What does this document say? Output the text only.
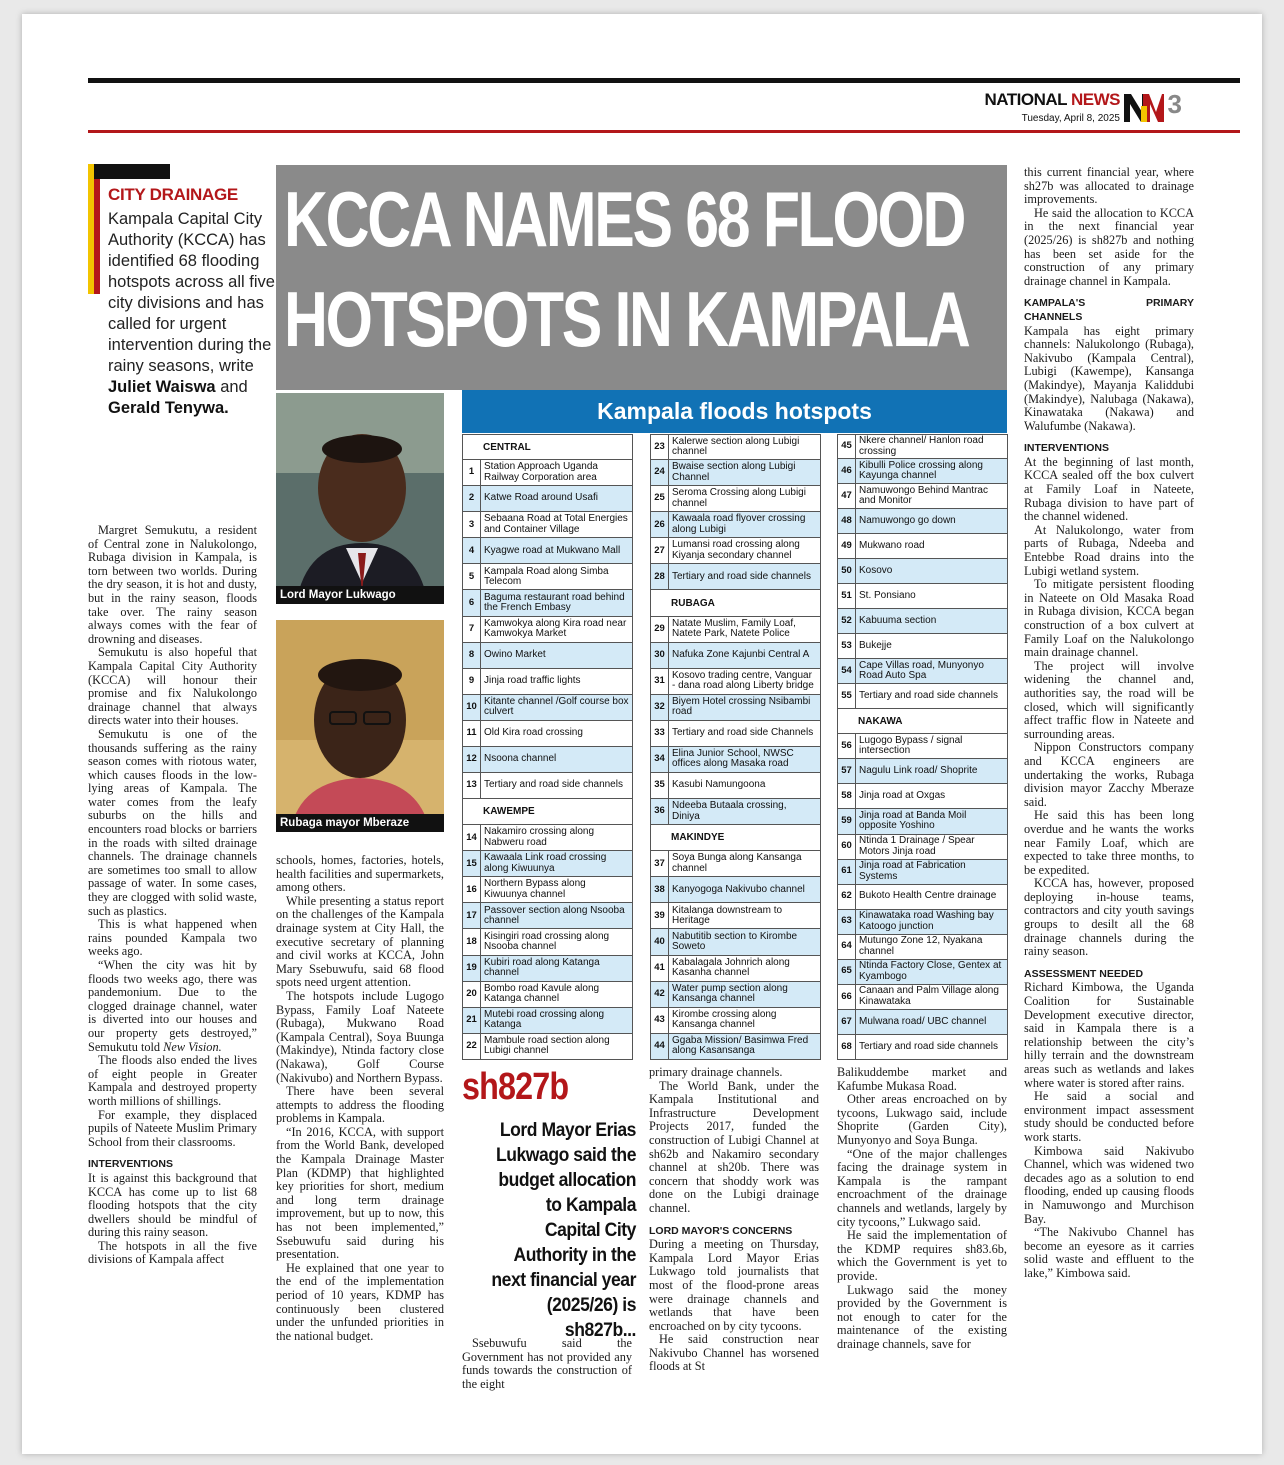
NATIONAL NEWS
Tuesday, April 8, 2025 3
CITY DRAINAGE
Kampala Capital City Authority (KCCA) has identified 68 flooding hotspots across all five city divisions and has called for urgent intervention during the rainy seasons, write Juliet Waiswa and Gerald Tenywa.
KCCA NAMES 68 FLOOD
HOTSPOTS IN KAMPALA
Lord Mayor Lukwago
Rubaga mayor Mberaze

Margret Semukutu, a resident of Central zone in Nalukolongo, Rubaga division in Kampala, is torn between two worlds. During the dry season, it is hot and dusty, but in the rainy season, floods take over. The rainy season always comes with the fear of drowning and diseases.

Semukutu is also hopeful that Kampala Capital City Authority (KCCA) will honour their promise and fix Nalukolongo drainage channel that always directs water into their houses.

Semukutu is one of the thousands suffering as the rainy season comes with riotous water, which causes floods in the low-lying areas of Kampala. The water comes from the leafy suburbs on the hills and encounters road blocks or barriers in the roads with silted drainage channels. The drainage channels are sometimes too small to allow passage of water. In some cases, they are clogged with solid waste, such as plastics.

This is what happened when rains pounded Kampala two weeks ago.

“When the city was hit by floods two weeks ago, there was pandemonium. Due to the clogged drainage channel, water is diverted into our houses and our property gets destroyed,” Semukutu told New Vision.

The floods also ended the lives of eight people in Greater Kampala and destroyed property worth millions of shillings.

For example, they displaced pupils of Nateete Muslim Primary School from their classrooms.

INTERVENTIONS

It is against this background that KCCA has come up to list 68 flooding hotspots that the city dwellers should be mindful of during this rainy season.

The hotspots in all the five divisions of Kampala affect

schools, homes, factories, hotels, health facilities and supermarkets, among others.

While presenting a status report on the challenges of the Kampala drainage system at City Hall, the executive secretary of planning and civil works at KCCA, John Mary Ssebuwufu, said 68 flood spots need urgent attention.

The hotspots include Lugogo Bypass, Family Loaf Nateete (Rubaga), Mukwano Road (Kampala Central), Soya Buunga (Makindye), Ntinda factory close (Nakawa), Golf Course (Nakivubo) and Northern Bypass.

There have been several attempts to address the flooding problems in Kampala.

“In 2016, KCCA, with support from the World Bank, developed the Kampala Drainage Master Plan (KDMP) that highlighted key priorities for short, medium and long term drainage improvement, but up to now, this has not been implemented,” Ssebuwufu said during his presentation.

He explained that one year to the end of the implementation period of 10 years, KDMP has continuously been clustered under the unfunded priorities in the national budget.

Kampala floods hotspots
CENTRAL
1 Station Approach Uganda Railway Corporation area
2 Katwe Road around Usafi
3 Sebaana Road at Total Energies and Container Village
4 Kyagwe road at Mukwano Mall
5 Kampala Road along Simba Telecom
6 Baguma restaurant road behind the French Embasy
7 Kamwokya along Kira road near Kamwokya Market
8 Owino Market
9 Jinja road traffic lights
10 Kitante channel /Golf course box culvert
11 Old Kira road crossing
12 Nsoona channel
13 Tertiary and road side channels
KAWEMPE
14 Nakamiro crossing along Nabweru road
15 Kawaala Link road crossing along Kiwuunya
16 Northern Bypass along Kiwuunya channel
17 Passover section along Nsooba channel
18 Kisingiri road crossing along Nsooba channel
19 Kubiri road along Katanga channel
20 Bombo road Kavule along Katanga channel
21 Mutebi road crossing along Katanga
22 Mambule road section along Lubigi channel
23 Kalerwe section along Lubigi channel
24 Bwaise section along Lubigi Channel
25 Seroma Crossing along Lubigi channel
26 Kawaala road flyover crossing along Lubigi
27 Lumansi road crossing along Kiyanja secondary channel
28 Tertiary and road side channels
RUBAGA
29 Natate Muslim, Family Loaf, Natete Park, Natete Police
30 Nafuka Zone Kajunbi Central A
31 Kosovo trading centre, Vanguar - dana road along Liberty bridge
32 Biyem Hotel crossing Nsibambi road
33 Tertiary and road side Channels
34 Elina Junior School, NWSC offices along Masaka road
35 Kasubi Namungoona
36 Ndeeba Butaala crossing, Diniya
MAKINDYE
37 Soya Bunga along Kansanga channel
38 Kanyogoga Nakivubo channel
39 Kitalanga downstream to Heritage
40 Nabutitib section to Kirombe Soweto
41 Kabalagala Johnrich along Kasanha channel
42 Water pump section along Kansanga channel
43 Kirombe crossing along Kansanga channel
44 Ggaba Mission/ Basimwa Fred along Kasansanga
45 Nkere channel/ Hanlon road crossing
46 Kibulli Police crossing along Kayunga channel
47 Namuwongo Behind Mantrac and Monitor
48 Namuwongo go down
49 Mukwano road
50 Kosovo
51 St. Ponsiano
52 Kabuuma section
53 Bukejje
54 Cape Villas road, Munyonyo Road Auto Spa
55 Tertiary and road side channels
NAKAWA
56 Lugogo Bypass / signal intersection
57 Nagulu Link road/ Shoprite
58 Jinja road at Oxgas
59 Jinja road at Banda Moil opposite Yoshino
60 Ntinda 1 Drainage / Spear Motors Jinja road
61 Jinja road at Fabrication Systems
62 Bukoto Health Centre drainage
63 Kinawataka road Washing bay Katoogo junction
64 Mutungo Zone 12, Nyakana channel
65 Ntinda Factory Close, Gentex at Kyambogo
66 Canaan and Palm Village along Kinawataka
67 Mulwana road/ UBC channel
68 Tertiary and road side channels
sh827b
Lord Mayor Erias Lukwago said the budget allocation to Kampala Capital City Authority in the next financial year (2025/26) is sh827b...

Ssebuwufu said the Government has not provided any funds towards the construction of the eight

primary drainage channels.

The World Bank, under the Kampala Institutional and Infrastructure Development Projects 2017, funded the construction of Lubigi Channel at sh62b and Nakamiro secondary channel at sh20b. There was concern that shoddy work was done on the Lubigi drainage channel.

LORD MAYOR'S CONCERNS

During a meeting on Thursday, Kampala Lord Mayor Erias Lukwago told journalists that most of the flood-prone areas were drainage channels and wetlands that have been encroached on by city tycoons.

He said construction near Nakivubo Channel has worsened floods at St

Balikuddembe market and Kafumbe Mukasa Road.

Other areas encroached on by tycoons, Lukwago said, include Shoprite (Garden City), Munyonyo and Soya Bunga.

“One of the major challenges facing the drainage system in Kampala is the rampant encroachment of the drainage channels and wetlands, largely by city tycoons,” Lukwago said.

He said the implementation of the KDMP requires sh83.6b, which the Government is yet to provide.

Lukwago said the money provided by the Government is not enough to cater for the maintenance of the existing drainage channels, save for

this current financial year, where sh27b was allocated to drainage improvements.

He said the allocation to KCCA in the next financial year (2025/26) is sh827b and nothing has been set aside for the construction of any primary drainage channel in Kampala.

KAMPALA'S PRIMARY CHANNELS

Kampala has eight primary channels: Nalukolongo (Rubaga), Nakivubo (Kampala Central), Lubigi (Kawempe), Kansanga (Makindye), Mayanja Kaliddubi (Makindye), Nalubaga (Nakawa), Kinawataka (Nakawa) and Walufumbe (Nakawa).

INTERVENTIONS

At the beginning of last month, KCCA sealed off the box culvert at Family Loaf in Nateete, Rubaga division to have part of the channel widened.

At Nalukolongo, water from parts of Rubaga, Ndeeba and Entebbe Road drains into the Lubigi wetland system.

To mitigate persistent flooding in Nateete on Old Masaka Road in Rubaga division, KCCA began construction of a box culvert at Family Loaf on the Nalukolongo main drainage channel.

The project will involve widening the channel and, authorities say, the road will be closed, which will significantly affect traffic flow in Nateete and surrounding areas.

Nippon Constructors company and KCCA engineers are undertaking the works, Rubaga division mayor Zacchy Mberaze said.

He said this has been long overdue and he wants the works near Family Loaf, which are expected to take three months, to be expedited.

KCCA has, however, proposed deploying in-house teams, contractors and city youth savings groups to desilt all the 68 drainage channels during the rainy season.

ASSESSMENT NEEDED

Richard Kimbowa, the Uganda Coalition for Sustainable Development executive director, said in Kampala there is a relationship between the city’s hilly terrain and the downstream areas such as wetlands and lakes where water is stored after rains.

He said a social and environment impact assessment study should be conducted before work starts.

Kimbowa said Nakivubo Channel, which was widened two decades ago as a solution to end flooding, ended up causing floods in Namuwongo and Murchison Bay.

“The Nakivubo Channel has become an eyesore as it carries solid waste and effluent to the lake,” Kimbowa said.
